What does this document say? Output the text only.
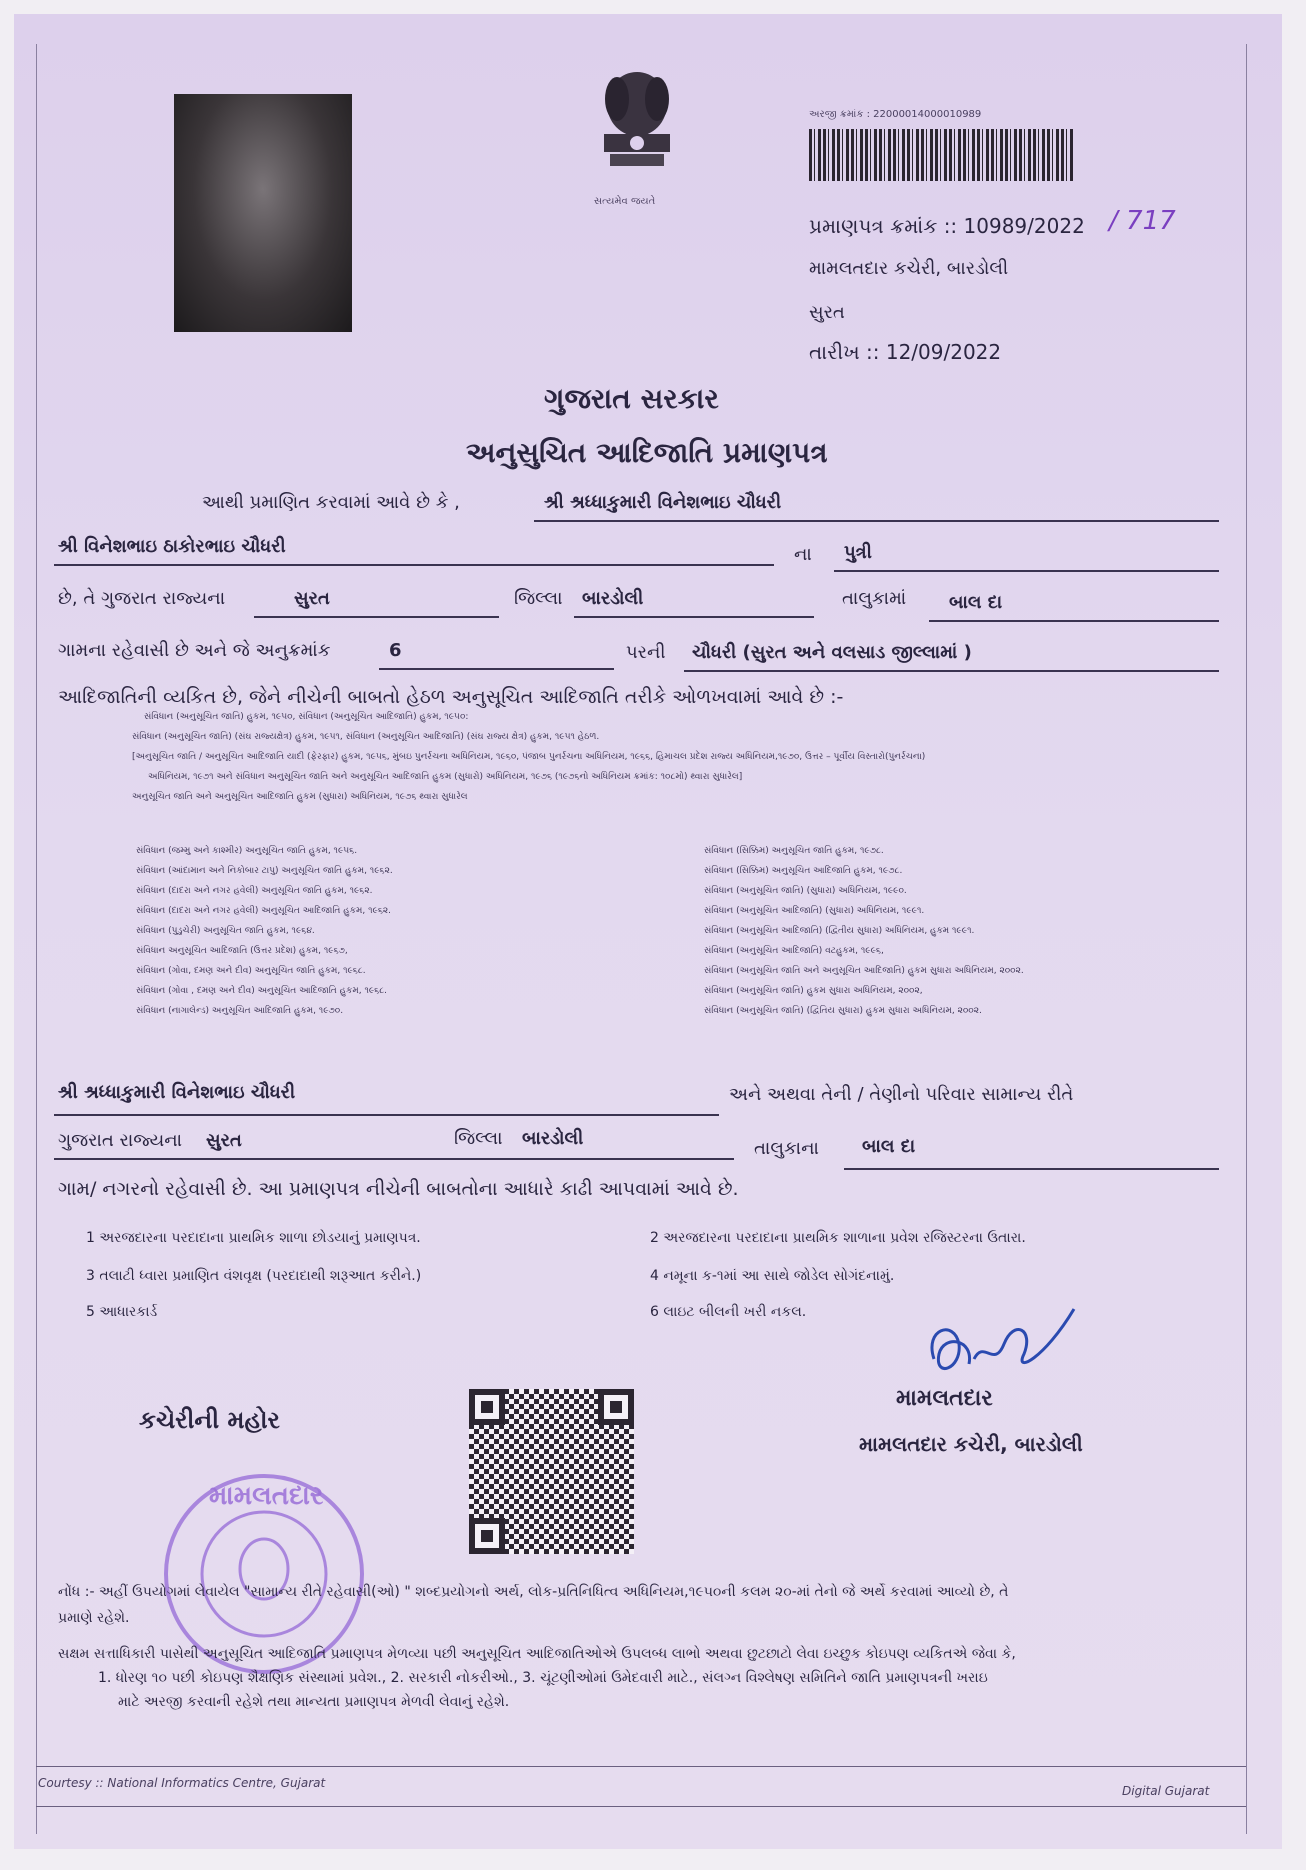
સત્યમેવ જયતે
અરજી ક્રમાંક : 22000014000010989
પ્રમાણપત્ર ક્રમાંક :: 10989/2022 / 717
મામલતદાર કચેરી, બારડોલી
સુરત
તારીખ :: 12/09/2022
ગુજરાત સરકાર
અનુસુચિત આદિજાતિ પ્રમાણપત્ર
આથી પ્રમાણિત કરવામાં આવે છે કે ,	શ્રી શ્રધ્ધાકુમારી વિનેશભાઇ ચૌધરી
શ્રી વિનેશભાઇ ઠાકોરભાઇ ચૌધરી	ના પુત્રી
છે, તે ગુજરાત રાજ્યના	સુરત	જિલ્લા બારડોલી	તાલુકામાં બાલ દા
ગામના રહેવાસી છે અને જે અનુક્રમાંક	6	પરની ચૌધરી (સુરત અને વલસાડ જીલ્લામાં )
આદિજાતિની વ્યકિત છે, જેને નીચેની બાબતો હેઠળ અનુસૂચિત આદિજાતિ તરીકે ઓળખવામાં આવે છે :-
સંવિધાન (અનુસૂચિત જાતિ) હુકમ, ૧૯૫૦, સંવિધાન (અનુસૂચિત આદિજાતિ) હુકમ, ૧૯૫૦:
સંવિધાન (અનુસૂચિત જાતિ) (સંઘ રાજ્યક્ષેત્ર) હુકમ, ૧૯૫૧, સંવિધાન (અનુસૂચિત આદિજાતિ) (સંઘ રાજ્ય ક્ષેત્ર) હુકમ, ૧૯૫૧ હેઠળ.
[અનુસૂચિત જાતિ / અનુસૂચિત આદિજાતિ યાદી (ફેરફાર) હુકમ, ૧૯૫૬, મુંબઇ પુનર્રચના અધિનિયમ, ૧૯૬૦, પંજાબ પુનર્રચના અધિનિયમ, ૧૯૬૬, હિમાચલ પ્રદેશ રાજ્ય અધિનિયમ,૧૯૭૦, ઉત્તર – પૂર્વીય વિસ્તારો(પુનર્રચના)
અધિનિયમ, ૧૯૭૧ અને સંવિધાન અનુસૂચિત જાતિ અને અનુસૂચિત આદિજાતિ હુકમ (સુધારો) અધિનિયમ, ૧૯૭૬ (૧૯૭૬નો અધિનિયમ ક્રમાંક: ૧૦૮મો) થ્વારા સુધારેલ]
અનુસૂચિત જાતિ અને અનુસૂચિત આદિજાતિ હુકમ (સુધારા) અધિનિયમ, ૧૯૭૬ થ્વારા સુધારેલ
સંવિધાન (જમ્મુ અને કાશ્મીર) અનુસૂચિત જાતિ હુકમ, ૧૯૫૬.
સંવિધાન (આંદામાન અને નિકોબાર ટાપુ) અનુસૂચિત જાતિ હુકમ, ૧૯૬૨.
સંવિધાન (દાદરા અને નગર હવેલી) અનુસૂચિત જાતિ હુકમ, ૧૯૬૨.
સંવિધાન (દાદરા અને નગર હવેલી) અનુસૂચિત આદિજાતિ હુકમ, ૧૯૬૨.
સંવિધાન (પુડુચેરી) અનુસૂચિત જાતિ હુકમ, ૧૯૬૪.
સંવિધાન અનુસૂચિત આદિજાતિ (ઉત્તર પ્રદેશ) હુકમ, ૧૯૬૭,
સંવિધાન (ગોવા, દમણ અને દીવ) અનુસૂચિત જાતિ હુકમ, ૧૯૬૮.
સંવિધાન (ગોવા , દમણ અને દીવ) અનુસૂચિત આદિજાતિ હુકમ, ૧૯૬૮.
સંવિધાન (નાગાલેન્ડ) અનુસૂચિત આદિજાતિ હુકમ, ૧૯૭૦.
સંવિધાન (સિક્કિમ) અનુસૂચિત જાતિ હુકમ, ૧૯૭૮.
સંવિધાન (સિક્કિમ) અનુસૂચિત આદિજાતિ હુકમ, ૧૯૭૮.
સંવિધાન (અનુસૂચિત જાતિ) (સુધારા) અધિનિયમ, ૧૯૯૦.
સંવિધાન (અનુસૂચિત આદિજાતિ) (સુધારા) અધિનિયમ, ૧૯૯૧.
સંવિધાન (અનુસૂચિત આદિજાતિ) (દ્વિતીય સુધારા) અધિનિયમ, હુકમ ૧૯૯૧.
સંવિધાન (અનુસૂચિત આદિજાતિ) વટહુકમ, ૧૯૯૬,
સંવિધાન (અનુસૂચિત જાતિ અને અનુસૂચિત આદિજાતિ) હુકમ સુધારા અધિનિયમ, ૨૦૦૨.
સંવિધાન (અનુસૂચિત જાતિ) હુકમ સુધારા અધિનિયમ, ૨૦૦૨,
સંવિધાન (અનુસૂચિત જાતિ) (દ્વિતિય સુધારા) હુકમ સુધારા અધિનિયમ, ૨૦૦૨.
શ્રી શ્રધ્ધાકુમારી વિનેશભાઇ ચૌધરી	અને અથવા તેની / તેણીનો પરિવાર સામાન્ય રીતે
ગુજરાત રાજ્યના સુરત	જિલ્લા બારડોલી	તાલુકાના બાલ દા
ગામ/ નગરનો રહેવાસી છે. આ પ્રમાણપત્ર નીચેની બાબતોના આધારે કાઢી આપવામાં આવે છે.
1 અરજદારના પરદાદાના પ્રાથમિક શાળા છોડયાનું પ્રમાણપત્ર.	2 અરજદારના પરદાદાના પ્રાથમિક શાળાના પ્રવેશ રજિસ્ટરના ઉતારા.
3 તલાટી ધ્વારા પ્રમાણિત વંશવૃક્ષ (પરદાદાથી શરૂઆત કરીને.)	4 નમૂના ક-૧માં આ સાથે જોડેલ સોગંદનામું.
5 આધારકાર્ડ	6 લાઇટ બીલની ખરી નકલ.
મામલતદાર
મામલતદાર કચેરી, બારડોલી
કચેરીની મહોર
મામલતદાર
નોંધ :- અહીં ઉપયોગમાં લેવાયેલ "સામાન્ય રીતે રહેવાસી(ઓ) " શબ્દપ્રયોગનો અર્થ, લોક-પ્રતિનિધિત્વ અધિનિયમ,૧૯૫૦ની કલમ ૨૦-માં તેનો જે અર્થે કરવામાં આવ્યો છે, તે
પ્રમાણે રહેશે.
સક્ષમ સત્તાધિકારી પાસેથી અનુસૂચિત આદિજાતિ પ્રમાણપત્ર મેળવ્યા પછી અનુસૂચિત આદિજાતિઓએ ઉપલબ્ધ લાભો અથવા છુટછાટો લેવા ઇચ્છુક કોઇપણ વ્યકિતએ જેવા કે,
1. ધોરણ ૧૦ પછી કોઇપણ શૈક્ષણિક સંસ્થામાં પ્રવેશ., 2. સરકારી નોકરીઓ., 3. ચૂંટણીઓમાં ઉમેદવારી માટે., સંલગ્ન વિશ્લેષણ સમિતિને જાતિ પ્રમાણપત્રની ખરાઇ
માટે અરજી કરવાની રહેશે તથા માન્યતા પ્રમાણપત્ર મેળવી લેવાનું રહેશે.
Courtesy :: National Informatics Centre, Gujarat
Digital Gujarat
